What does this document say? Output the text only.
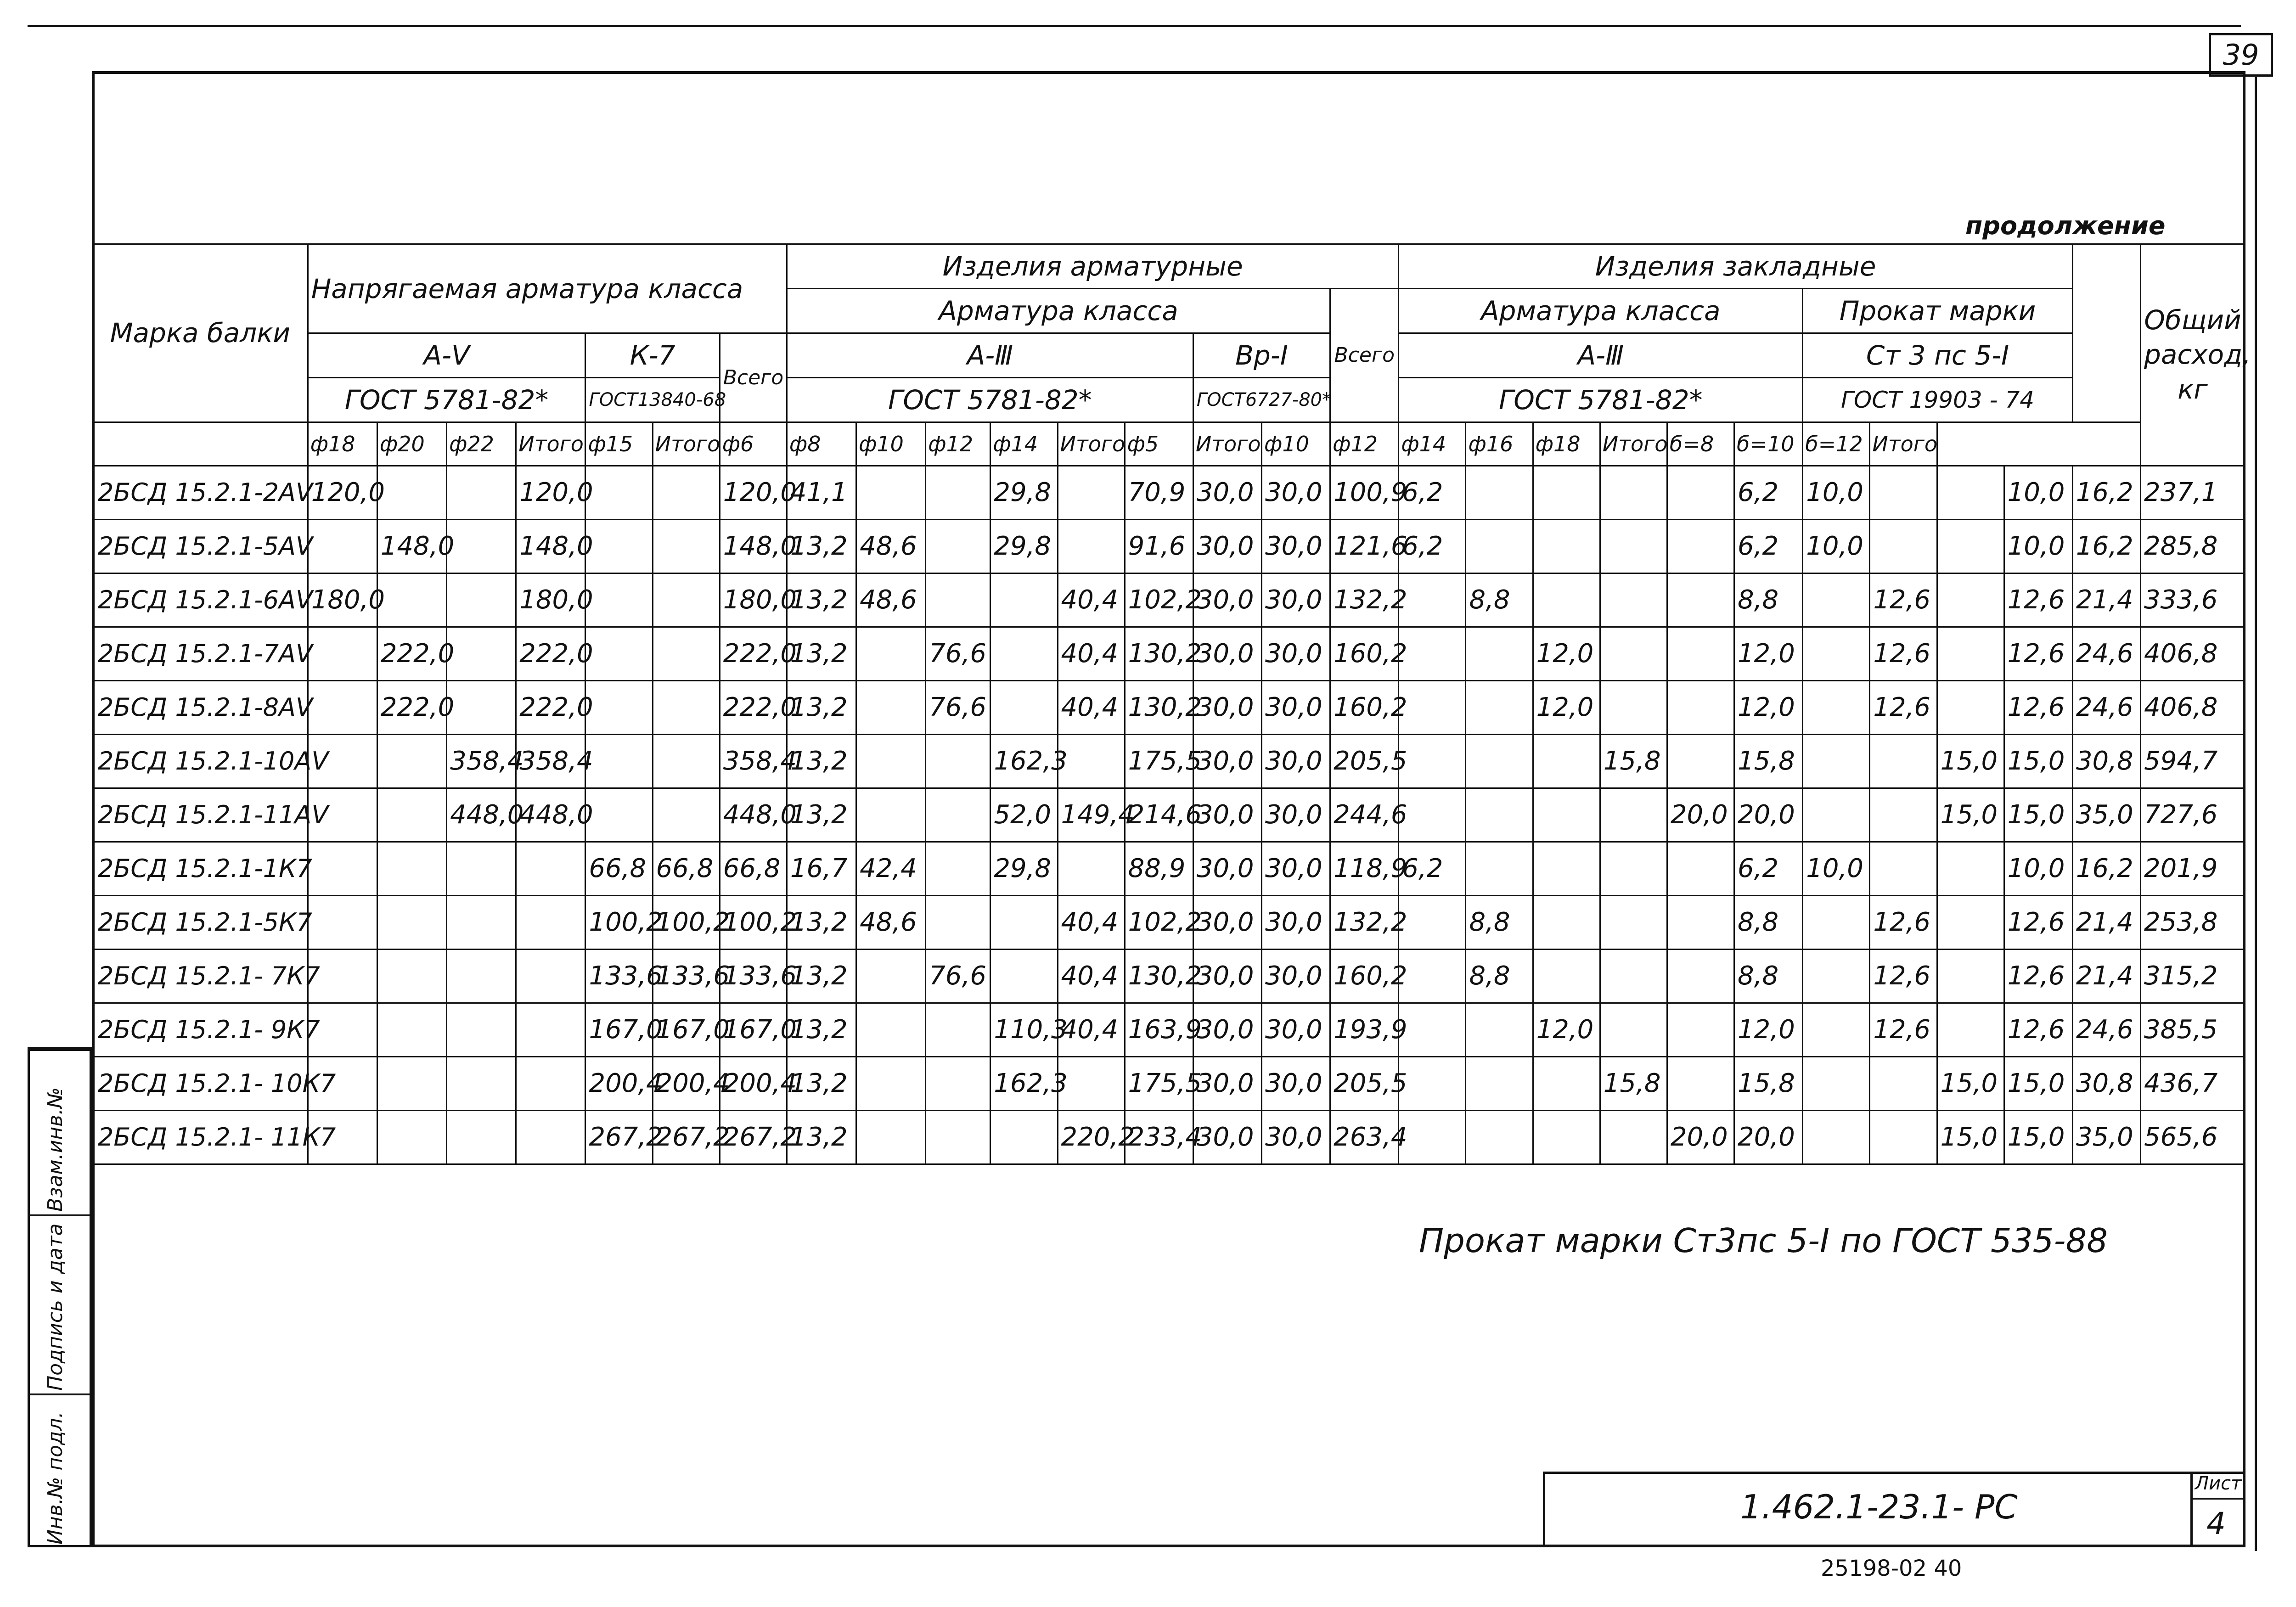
39
продолжение
Марка балки	Напрягаемая арматура класса							Изделия арматурные									Изделия закладные											Общий расход, кг
								Арматура класса								Всего	Арматура класса						Прокат марки					
	А-Ⅴ				К-7		Всего	А-Ⅲ						Вр-Ⅰ			А-Ⅲ						Ст 3 пс 5-Ⅰ					
	ГОСТ 5781-82*				ГОСТ13840-68			ГОСТ 5781-82*						ГОСТ6727-80*			ГОСТ 5781-82*						ГОСТ 19903 - 74					
	ф18	ф20	ф22	Итого	ф15	Итого	ф6	ф8	ф10	ф12	ф14	Итого	ф5	Итого	ф10	ф12	ф14	ф16	ф18	Итого	б=8	б=10	б=12	Итого				
2БСД 15.2.1-2АⅤ	120,0			120,0			120,0	41,1			29,8		70,9	30,0	30,0	100,9	6,2					6,2	10,0			10,0	16,2	237,1
2БСД 15.2.1-5АⅤ		148,0		148,0			148,0	13,2	48,6		29,8		91,6	30,0	30,0	121,6	6,2					6,2	10,0			10,0	16,2	285,8
2БСД 15.2.1-6АⅤ	180,0			180,0			180,0	13,2	48,6			40,4	102,2	30,0	30,0	132,2		8,8				8,8		12,6		12,6	21,4	333,6
2БСД 15.2.1-7АⅤ		222,0		222,0			222,0	13,2		76,6		40,4	130,2	30,0	30,0	160,2			12,0			12,0		12,6		12,6	24,6	406,8
2БСД 15.2.1-8АⅤ		222,0		222,0			222,0	13,2		76,6		40,4	130,2	30,0	30,0	160,2			12,0			12,0		12,6		12,6	24,6	406,8
2БСД 15.2.1-10АⅤ			358,4	358,4			358,4	13,2			162,3		175,5	30,0	30,0	205,5				15,8		15,8			15,0	15,0	30,8	594,7
2БСД 15.2.1-11АⅤ			448,0	448,0			448,0	13,2			52,0	149,4	214,6	30,0	30,0	244,6					20,0	20,0			15,0	15,0	35,0	727,6
2БСД 15.2.1-1К7					66,8	66,8	66,8	16,7	42,4		29,8		88,9	30,0	30,0	118,9	6,2					6,2	10,0			10,0	16,2	201,9
2БСД 15.2.1-5К7					100,2	100,2	100,2	13,2	48,6			40,4	102,2	30,0	30,0	132,2		8,8				8,8		12,6		12,6	21,4	253,8
2БСД 15.2.1- 7К7					133,6	133,6	133,6	13,2		76,6		40,4	130,2	30,0	30,0	160,2		8,8				8,8		12,6		12,6	21,4	315,2
2БСД 15.2.1- 9К7					167,0	167,0	167,0	13,2			110,3	40,4	163,9	30,0	30,0	193,9			12,0			12,0		12,6		12,6	24,6	385,5
2БСД 15.2.1- 10К7					200,4	200,4	200,4	13,2			162,3		175,5	30,0	30,0	205,5				15,8		15,8			15,0	15,0	30,8	436,7
2БСД 15.2.1- 11К7					267,2	267,2	267,2	13,2				220,2	233,4	30,0	30,0	263,4					20,0	20,0			15,0	15,0	35,0	565,6
Прокат марки Ст3пс 5-Ⅰ по ГОСТ 535-88
Взам.инв.№
Подпись и дата
Инв.№ подл.	1.462.1-23.1- РС
Лист
4
25198-02 40
